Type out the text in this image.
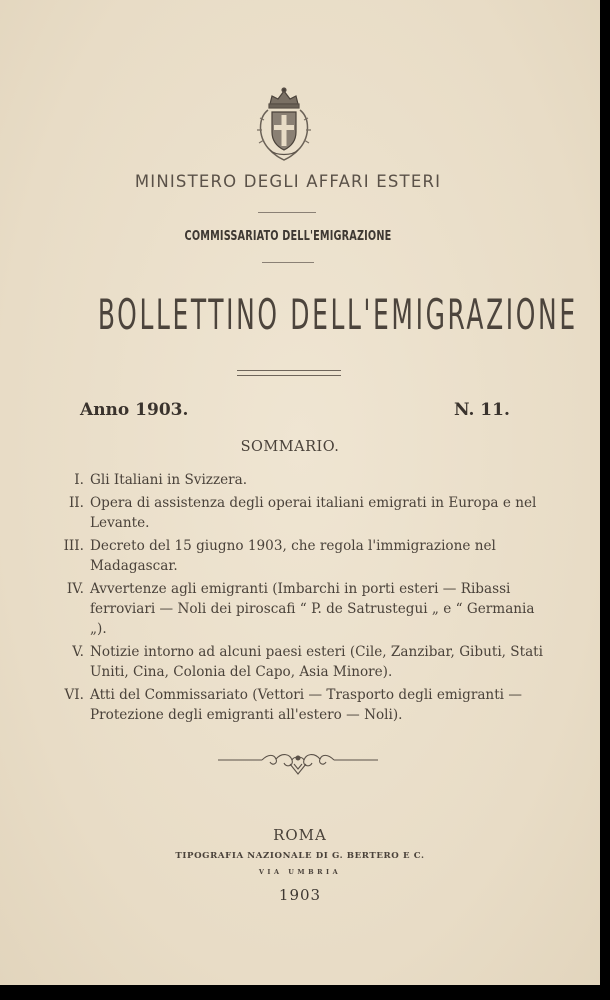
MINISTERO DEGLI AFFARI ESTERI
COMMISSARIATO DELL'EMIGRAZIONE
BOLLETTINO DELL'EMIGRAZIONE
Anno 1903.	N. 11.
SOMMARIO.
I. Gli Italiani in Svizzera.
II. Opera di assistenza degli operai italiani emigrati in Europa e nel Levante.
III. Decreto del 15 giugno 1903, che regola l'immigrazione nel Madagascar.
IV. Avvertenze agli emigranti (Imbarchi in porti esteri — Ribassi ferroviari — Noli dei piroscafi “ P. de Satrustegui „ e “ Germania „).
V. Notizie intorno ad alcuni paesi esteri (Cile, Zanzibar, Gibuti, Stati Uniti, Cina, Colonia del Capo, Asia Minore).
VI. Atti del Commissariato (Vettori — Trasporto degli emigranti — Protezione degli emigranti all'estero — Noli).
ROMA
TIPOGRAFIA NAZIONALE DI G. BERTERO E C.
VIA UMBRIA
1903
